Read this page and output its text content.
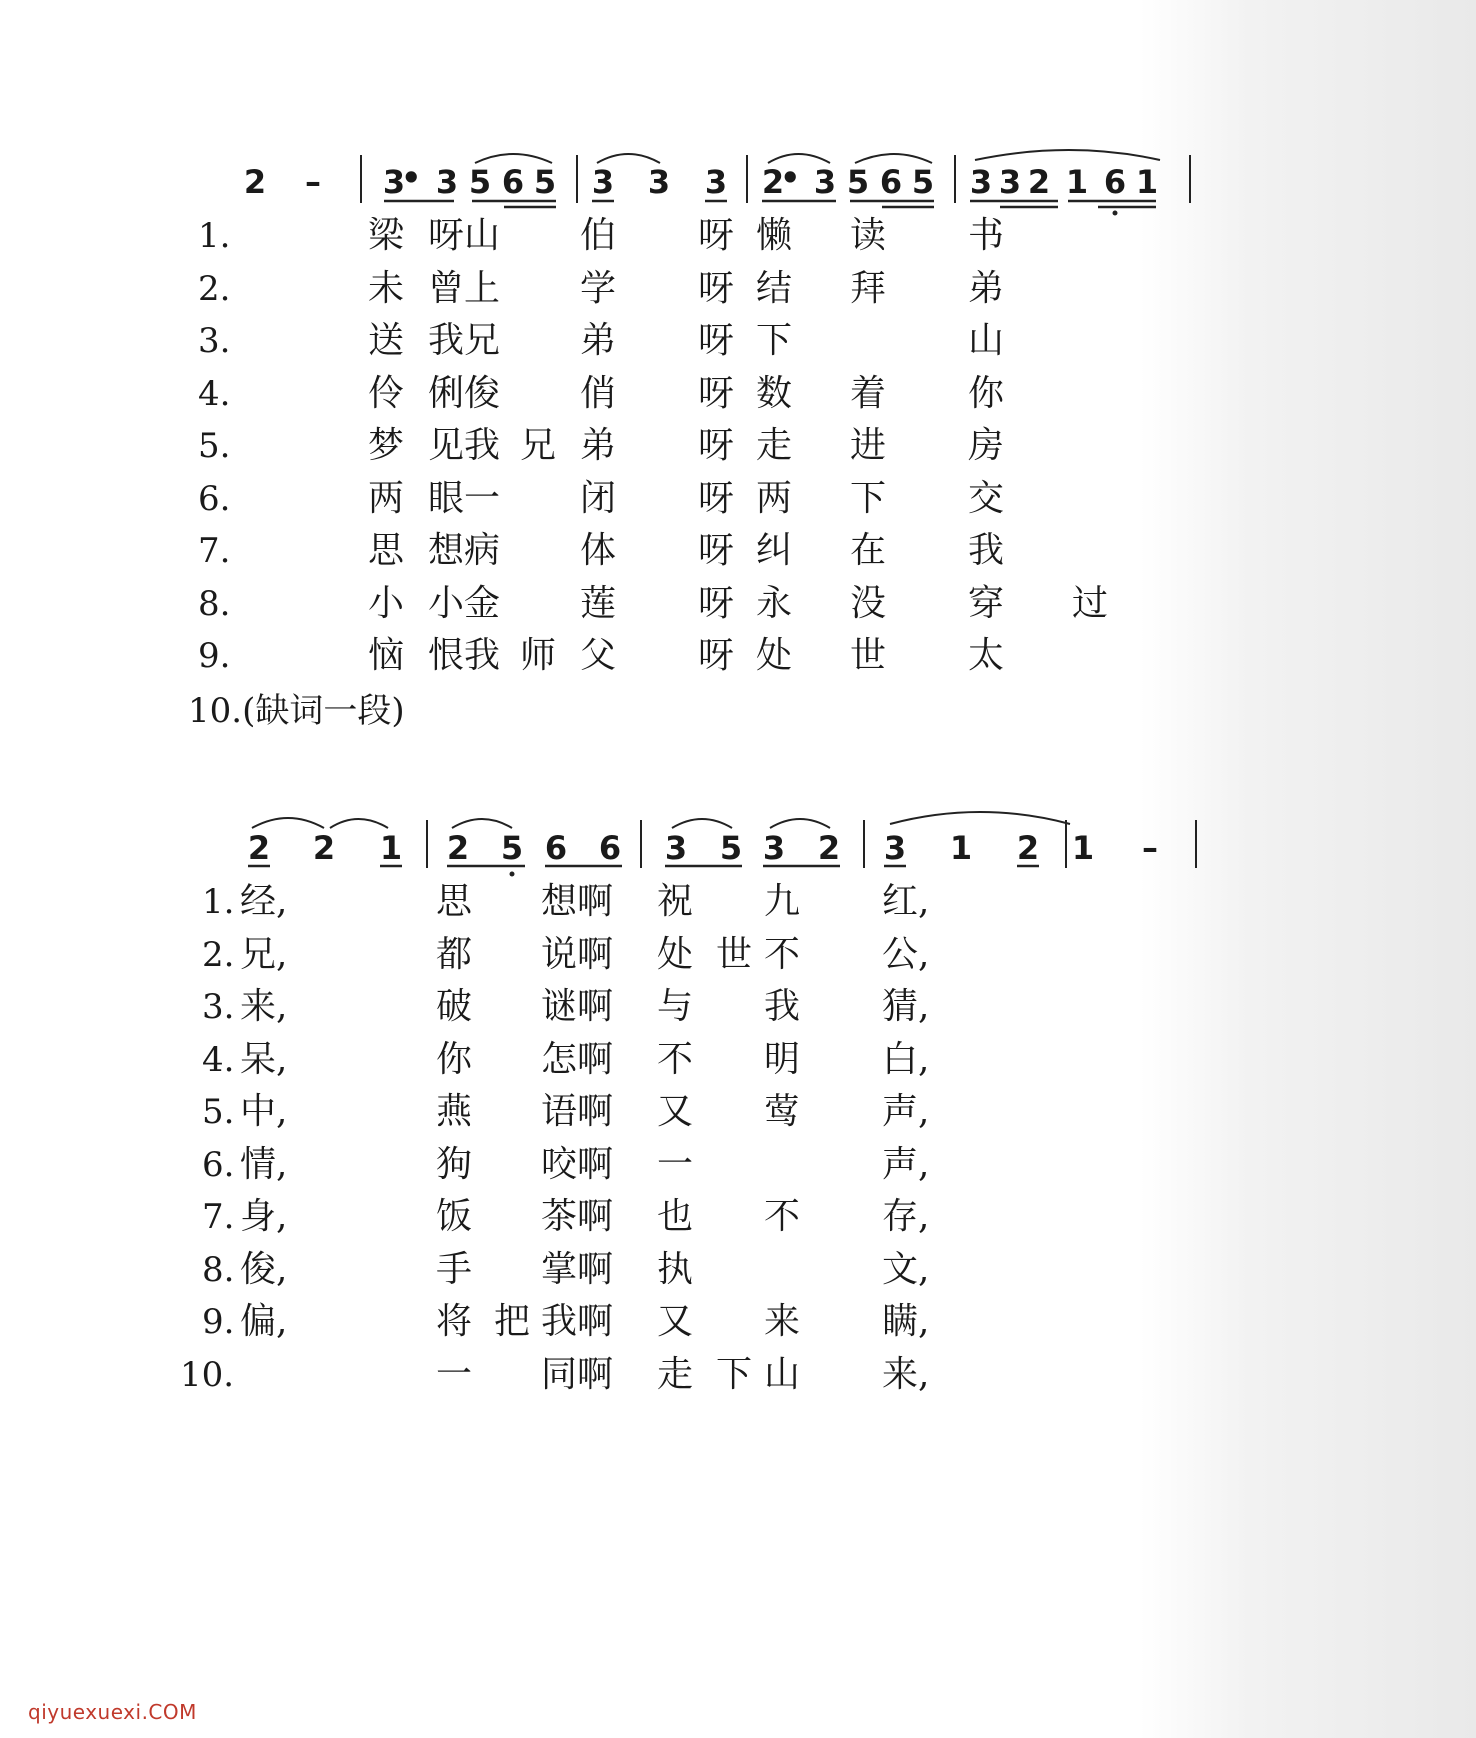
2 – 3 3 5 6 5 3 3 3 2 3 5 6 5 3 3 2 1 6 1
•	•
1.	梁 呀山 伯 呀 懒 读 书
2.	未 曾上 学 呀 结 拜 弟
3.	送 我兄 弟 呀 下	山
4.	伶 俐俊 俏 呀 数 着 你
5.	梦 见我 兄 弟 呀 走 进 房
6.	两 眼一 闭 呀 两 下 交
7.	思 想病 体 呀 纠 在 我
8.	小 小金 莲 呀 永 没 穿 过
9.	恼 恨我 师 父 呀 处 世 太
10.(缺词一段)
2 2 1 2 5 6 6 3 5 3 2 3 1 2 1 –
1. 经,	思 想啊 祝 九 红,
2. 兄,	都 说啊 处 世 不 公,
3. 来,	破 谜啊 与 我 猜,
4. 呆,	你 怎啊 不 明 白,
5. 中,	燕 语啊 又 莺 声,
6. 情,	狗 咬啊 一	声,
7. 身,	饭 茶啊 也 不 存,
8. 俊,	手 掌啊 执	文,
9. 偏,	将 把 我啊 又 来 瞒,
10.	一 同啊 走 下 山 来,
qiyuexuexi.COM
